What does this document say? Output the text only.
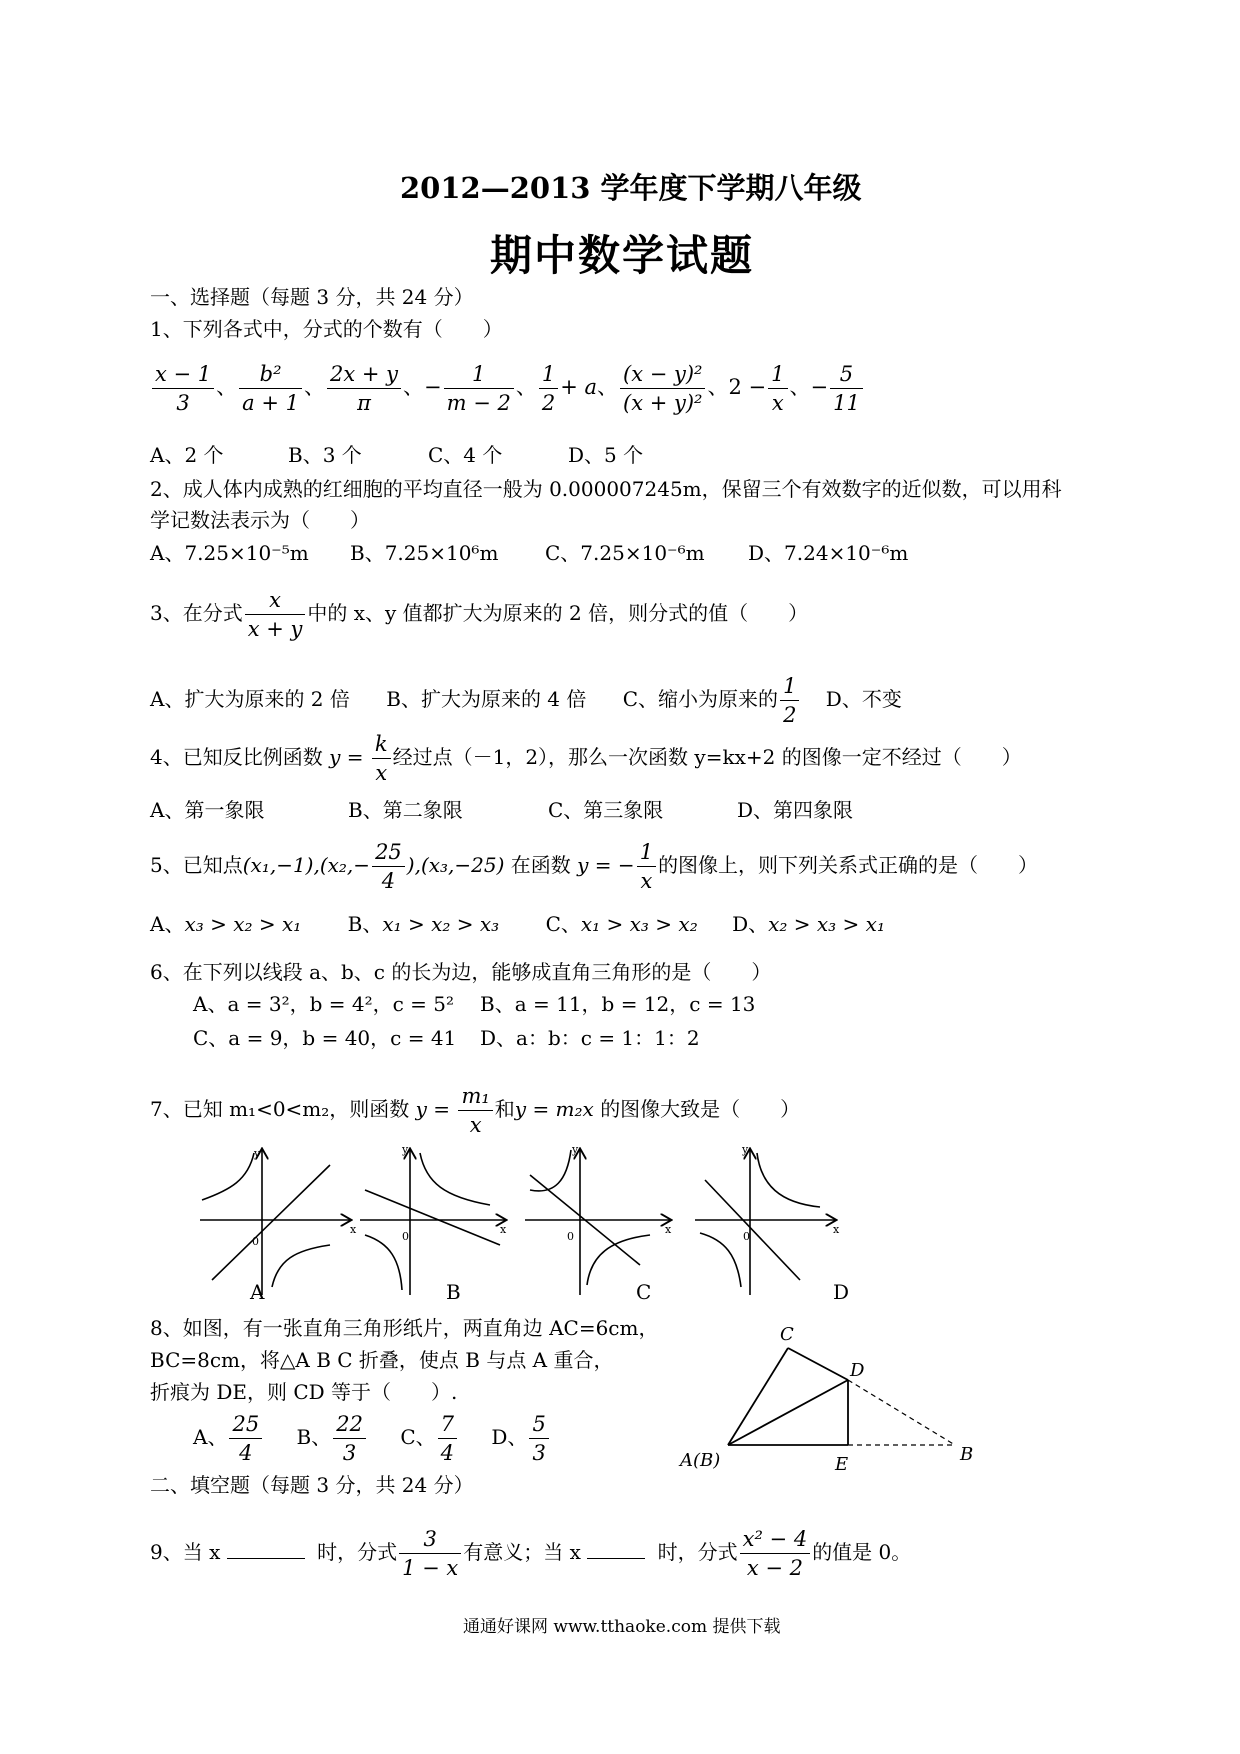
2012—2013 学年度下学期八年级
期中数学试题
一、选择题（每题 3 分，共 24 分）
1、下列各式中，分式的个数有（　　）
$\frac{x - 1}{3}$ 、 $\frac{\text{b²}}{a + 1}$ 、 $\frac{2x + y}{\pi}$ 、− $\frac{1}{m - 2}$ 、 $\frac{1}{2} + a$、 $\frac{\text{(x − y)²}}{\text{(x + y)²}}$ 、$2 - \frac{1}{x}$ 、− $\frac{5}{11}$
A、2 个	B、3 个	C、4 个	D、5 个
2、成人体内成熟的红细胞的平均直径一般为 0.000007245m，保留三个有效数字的近似数，可以用科
学记数法表示为（　　）
A、7.25×10⁻⁵m B、7.25×10⁶m C、7.25×10⁻⁶m D、7.24×10⁻⁶m
3、在分式 $\frac{x}{x + y}$ 中的 x、y 值都扩大为原来的 2 倍，则分式的值（　　）
A、扩大为原来的 2 倍 B、扩大为原来的 4 倍 C、缩小为原来的 $\frac{1}{2}$ D、不变
4、已知反比例函数 $y = \frac{k}{x}$ 经过点（－1，2），那么一次函数 y=kx+2 的图像一定不经过（　　）
A、第一象限	B、第二象限	C、第三象限	D、第四象限
5、已知点$(x_1,-1),(x_2,- \frac{25}{4} ),(x_3,-25)$ 在函数 y = − $\frac{1}{x}$ 的图像上，则下列关系式正确的是（　　）
A、x₃ > x₂ > x₁ B、x₁ > x₂ > x₃ C、x₁ > x₃ > x₂ D、x₂ > x₃ > x₁
6、在下列以线段 a、b、c 的长为边，能够成直角三角形的是（　　）
A、a = 3²，b = 4²，c = 5² B、a = 11，b = 12，c = 13
C、a = 9，b = 40，c = 41 D、a：b：c = 1：1：2
7、已知 m₁<0<m₂，则函数 $y = \frac{\text{m₁}}{x}$ 和y = m₂x 的图像大致是（　　）
0
y
x
0
y
x
0
y
x
0
y
x
A	B	C	D
8、如图，有一张直角三角形纸片，两直角边 AC=6cm，
BC=8cm，将△A B C 折叠，使点 B 与点 A 重合，
折痕为 DE，则 CD 等于（　　）.
A、 $\frac{25}{4}$ B、 $\frac{22}{3}$ C、 $\frac{7}{4}$ D、 $\frac{5}{3}$
C
D
A(B)	E	B
二、填空题（每题 3 分，共 24 分）
9、当 x	时，分式 $\frac{3}{1 - x}$ 有意义；当 x	时，分式 $\frac{\text{x² − 4}}{x - 2}$ 的值是 0。
通通好课网 www.tthaoke.com 提供下载
